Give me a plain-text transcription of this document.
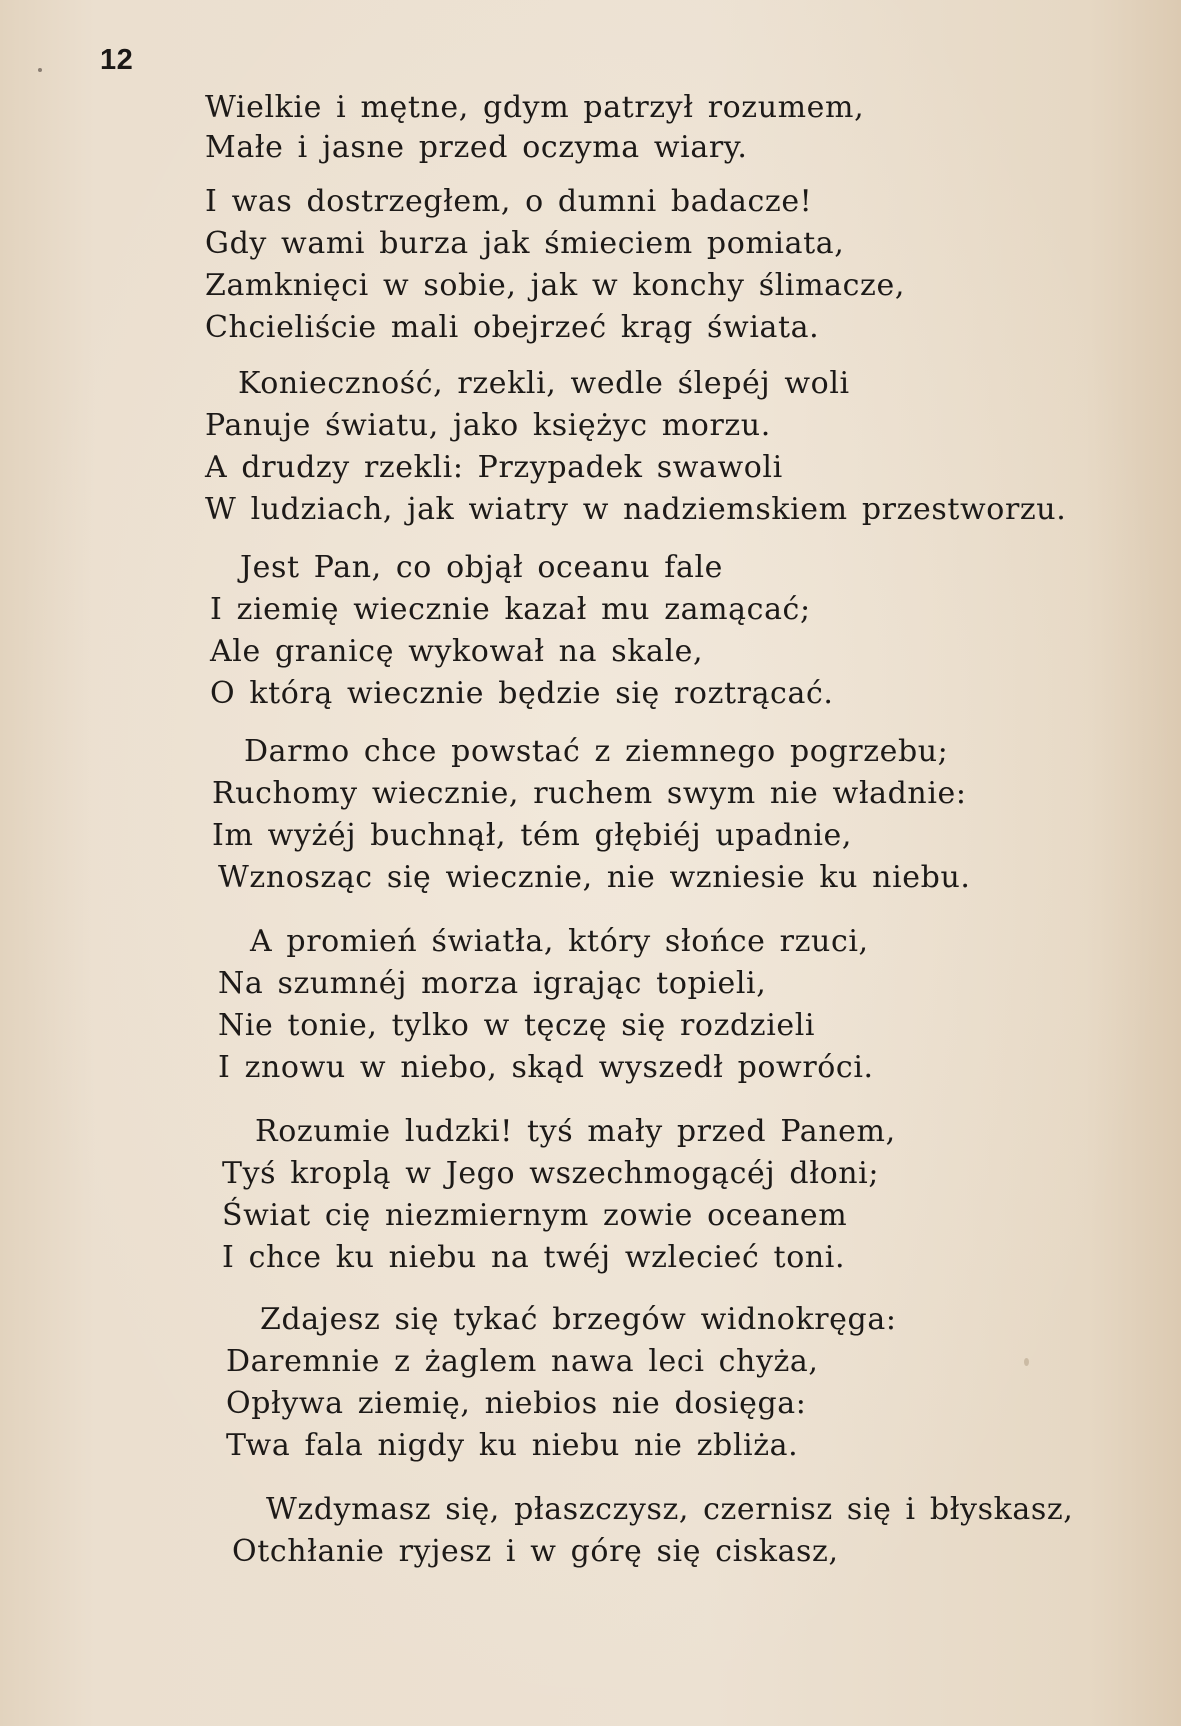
12
Wielkie i mętne, gdym patrzył rozumem,
Małe i jasne przed oczyma wiary.
I was dostrzegłem, o dumni badacze!
Gdy wami burza jak śmieciem pomiata,
Zamknięci w sobie, jak w konchy ślimacze,
Chcieliście mali obejrzeć krąg świata.
Konieczność, rzekli, wedle ślepéj woli
Panuje światu, jako księżyc morzu.
A drudzy rzekli: Przypadek swawoli
W ludziach, jak wiatry w nadziemskiem przestworzu.
Jest Pan, co objął oceanu fale
I ziemię wiecznie kazał mu zamącać;
Ale granicę wykował na skale,
O którą wiecznie będzie się roztrącać.
Darmo chce powstać z ziemnego pogrzebu;
Ruchomy wiecznie, ruchem swym nie władnie:
Im wyżéj buchnął, tém głębiéj upadnie,
Wznosząc się wiecznie, nie wzniesie ku niebu.
A promień światła, który słońce rzuci,
Na szumnéj morza igrając topieli,
Nie tonie, tylko w tęczę się rozdzieli
I znowu w niebo, skąd wyszedł powróci.
Rozumie ludzki! tyś mały przed Panem,
Tyś kroplą w Jego wszechmogącéj dłoni;
Świat cię niezmiernym zowie oceanem
I chce ku niebu na twéj wzlecieć toni.
Zdajesz się tykać brzegów widnokręga:
Daremnie z żaglem nawa leci chyża,
Opływa ziemię, niebios nie dosięga:
Twa fala nigdy ku niebu nie zbliża.
Wzdymasz się, płaszczysz, czernisz się i błyskasz,
Otchłanie ryjesz i w górę się ciskasz,
